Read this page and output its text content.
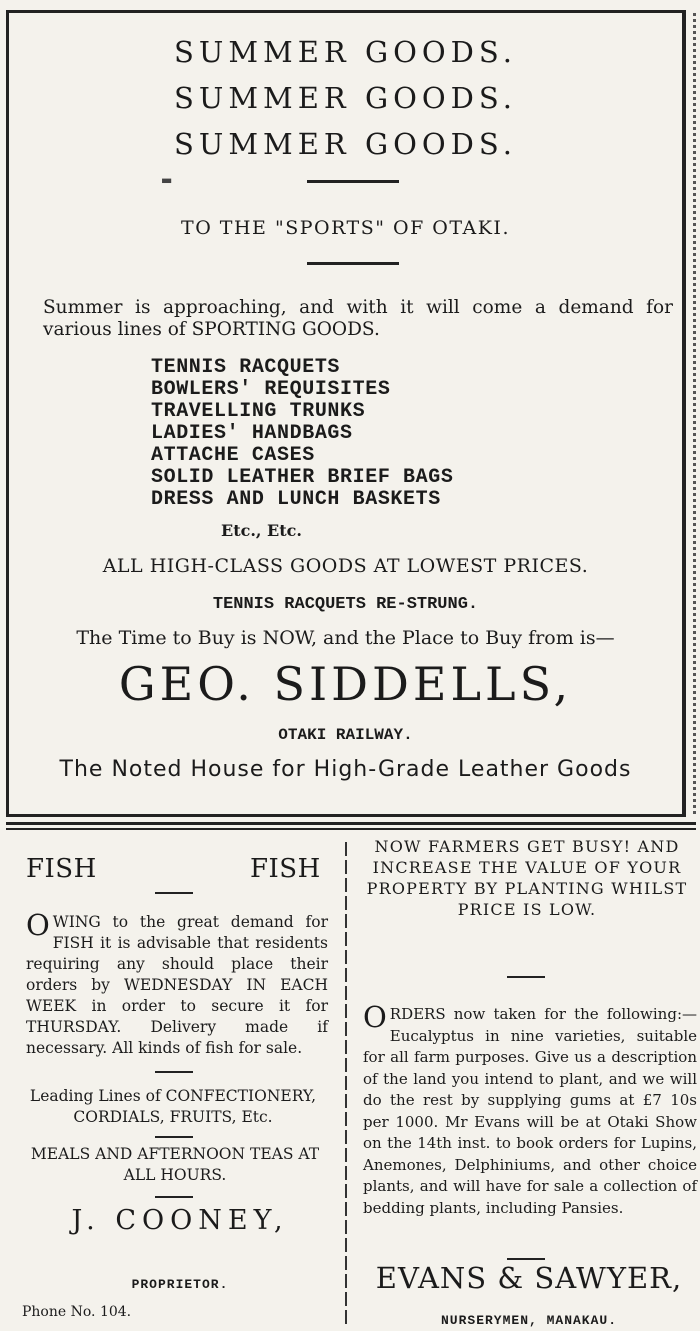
SUMMER GOODS.
SUMMER GOODS.
SUMMER GOODS.
▬
TO THE "SPORTS" OF OTAKI.
Summer is approaching, and with it will come a demand for various lines of SPORTING GOODS.
TENNIS RACQUETS
BOWLERS' REQUISITES
TRAVELLING TRUNKS
LADIES' HANDBAGS
ATTACHE CASES
SOLID LEATHER BRIEF BAGS
DRESS AND LUNCH BASKETS
Etc., Etc.
ALL HIGH-CLASS GOODS AT LOWEST PRICES.
TENNIS RACQUETS RE-STRUNG.
The Time to Buy is NOW, and the Place to Buy from is—
GEO. SIDDELLS,
OTAKI RAILWAY.
The Noted House for High-Grade Leather Goods
FISH	FISH
OWING to the great demand for FISH it is advisable that residents requiring any should place their orders by WEDNESDAY IN EACH WEEK in order to secure it for THURSDAY. Delivery made if necessary. All kinds of fish for sale.
Leading Lines of CONFECTIONERY, CORDIALS, FRUITS, Etc.
MEALS AND AFTERNOON TEAS AT ALL HOURS.
J. COONEY,
PROPRIETOR.
Phone No. 104.
NOW FARMERS GET BUSY! AND INCREASE THE VALUE OF YOUR PROPERTY BY PLANTING WHILST PRICE IS LOW.
ORDERS now taken for the following:—Eucalyptus in nine varieties, suitable for all farm purposes. Give us a description of the land you intend to plant, and we will do the rest by supplying gums at £7 10s per 1000. Mr Evans will be at Otaki Show on the 14th inst. to book orders for Lupins, Anemones, Delphiniums, and other choice plants, and will have for sale a collection of bedding plants, including Pansies.
EVANS & SAWYER,
NURSERYMEN, MANAKAU.
